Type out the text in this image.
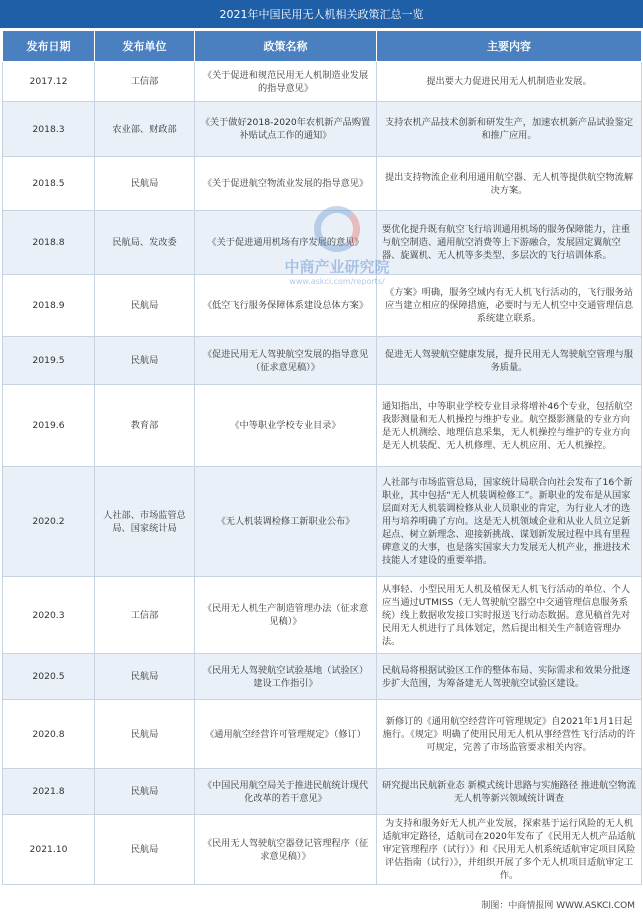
2021年中国民用无人机相关政策汇总一览
发布日期	发布单位	政策名称	主要内容
2017.12	工信部	《关于促进和规范民用无人机制造业发展的指导意见》	提出要大力促进民用无人机制造业发展。
2018.3	农业部、财政部	《关于做好2018-2020年农机新产品购置补贴试点工作的通知》	支持农机产品技术创新和研发生产，加速农机新产品试验鉴定和推广应用。
2018.5	民航局	《关于促进航空物流业发展的指导意见》	提出支持物流企业利用通用航空器、无人机等提供航空物流解决方案。
2018.8	民航局、发改委	《关于促进通用机场有序发展的意见》	要优化提升既有航空飞行培训通用机场的服务保障能力，注重与航空制造、通用航空消费等上下游融合，发展固定翼航空器、旋翼机、无人机等多类型、多层次的飞行培训体系。
2018.9	民航局	《低空飞行服务保障体系建设总体方案》	《方案》明确，服务空域内有无人机飞行活动的，飞行服务站应当建立相应的保障措施，必要时与无人机空中交通管理信息系统建立联系。
2019.5	民航局	《促进民用无人驾驶航空发展的指导意见（征求意见稿）》	促进无人驾驶航空健康发展，提升民用无人驾驶航空管理与服务质量。
2019.6	教育部	《中等职业学校专业目录》	通知指出，中等职业学校专业目录将增补46个专业，包括航空我影测量和无人机操控与维护专业。航空摄影测量的专业方向是无人机测绘、地理信息采集，无人机操控与维护的专业方向是无人机装配、无人机修理、无人机应用、无人机操控。
2020.2	人社部、市场监管总局、国家统计局	《无人机装调检修工新职业公布》	人社部与市场监管总局，国家统计局联合向社会发布了16个新职业，其中包括“无人机装调检修工”。新职业的发布是从国家层面对无人机装调检修从业人员职业的肯定，为行业人才的选用与培养明确了方向。这是无人机领域企业和从业人员立足新起点、树立新理念、迎接新挑战、谋划新发展过程中具有里程碑意义的大事，也是落实国家大力发展无人机产业，推进技术技能人才建设的重要举措。
2020.3	工信部	《民用无人机生产制造管理办法（征求意见稿）》	从事轻、小型民用无人机及植保无人机飞行活动的单位、个人应当通过UTMISS（无人驾驶航空器空中交通管理信息服务系统）线上数据收发接口实时报送飞行动态数据。意见稿首先对民用无人机进行了具体划定，然后提出相关生产制造管理办法。
2020.5	民航局	《民用无人驾驶航空试验基地（试验区）建设工作指引》	民航局将根据试验区工作的整体布局、实际需求和效果分批逐步扩大范围，为筹备建无人驾驶航空试验区建设。
2020.8	民航局	《通用航空经营许可管理规定》（修订）	新修订的《通用航空经营许可管理规定》自2021年1月1日起施行。《规定》明确了使用民用无人机从事经营性飞行活动的许可规定，完善了市场监管要求相关内容。
2021.8	民航局	《中国民用航空局关于推进民航统计现代化改革的若干意见》	研究提出民航新业态 新模式统计思路与实施路径 推进航空物流 无人机等新兴领域统计调查
2021.10	民航局	《民用无人驾驶航空器登记管理程序（征求意见稿）》	为支持和服务好无人机产业发展，探索基于运行风险的无人机适航审定路径，适航司在2020年发布了《民用无人机产品适航审定管理程序（试行）》和《民用无人机系统适航审定项目风险评估指南（试行）》，并组织开展了多个无人机项目适航审定工作。
中商产业研究院
www.askci.com/reports/
制图：中商情报网 WWW.ASKCI.COM
